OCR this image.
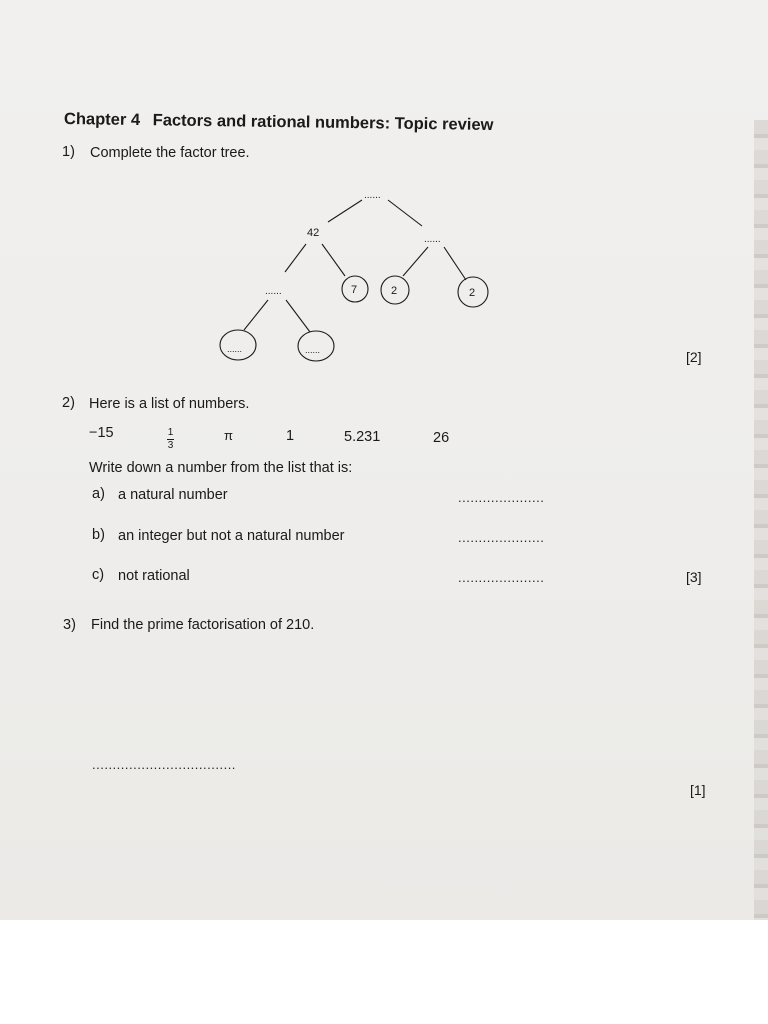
Chapter 4 Factors and rational numbers: Topic review
1) Complete the factor tree.
......
42
......
......	7	2	2
......	......	[2]
2) Here is a list of numbers.
−15	$\frac{1}{3}$	π	1	5.231	26
Write down a number from the list that is:
a) a natural number	.....................
b) an integer but not a natural number	.....................
c) not rational	.....................	[3]
3) Find the prime factorisation of 210.
...................................
[1]
